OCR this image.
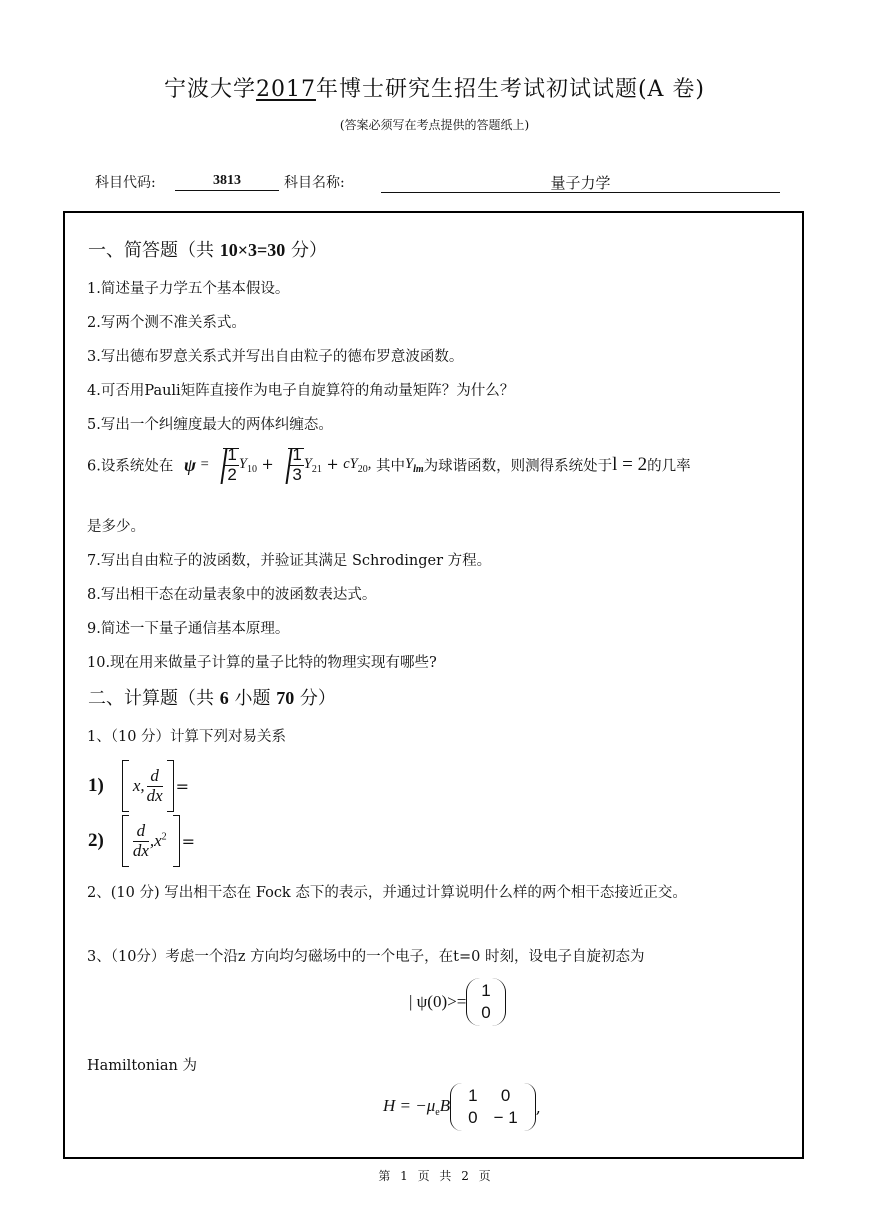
宁波大学2017年博士研究生招生考试初试试题(A 卷)
(答案必须写在考点提供的答题纸上)
科目代码:	3813	科目名称:	量子力学
一、简答题（共 10×3=30 分）
1.简述量子力学五个基本假设。
2.写两个测不准关系式。
3.写出德布罗意关系式并写出自由粒子的德布罗意波函数。
4.可否用Pauli矩阵直接作为电子自旋算符的角动量矩阵？为什么？
5.写出一个纠缠度最大的两体纠缠态。
6.设系统处在 $\psi = \frac{1}{2} Y_{10} + \frac{1}{3} Y_{21} + cY_{20}$, 其中$Y_{lm}$为球谐函数，则测得系统处于l = 2的几率
是多少。
7.写出自由粒子的波函数，并验证其满足 Schrodinger 方程。
8.写出相干态在动量表象中的波函数表达式。
9.简述一下量子通信基本原理。
10.现在用来做量子计算的量子比特的物理实现有哪些?
二、计算题（共 6 小题 70 分）
1、（10 分）计算下列对易关系
1) x, $\frac{d}{dx}$ =
$2) \frac{d}{dx} ,x^2$ =
2、(10 分) 写出相干态在 Fock 态下的表示，并通过计算说明什么样的两个相干态接近正交。
3、（10分）考虑一个沿z 方向均匀磁场中的一个电子，在t=0 时刻，设电子自旋初态为
| ψ(0)>=
1
0
Hamiltonian 为
$H = -\mu_eB$
1	0
0	− 1
,
第 1 页 共 2 页
